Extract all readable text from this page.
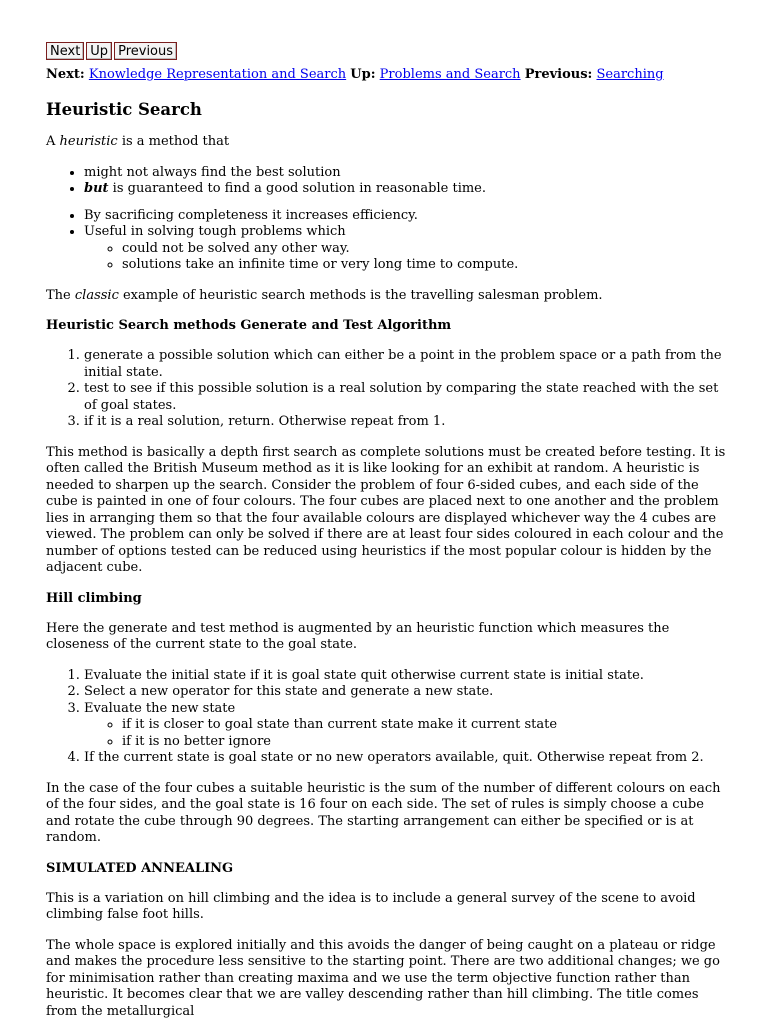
Next Up Previous
Next: Knowledge Representation and Search Up: Problems and Search Previous: Searching
Heuristic Search

A heuristic is a method that

• might not always find the best solution
• but is guaranteed to find a good solution in reasonable time.
• By sacrificing completeness it increases efficiency.
• Useful in solving tough problems which
◦ could not be solved any other way.
◦ solutions take an infinite time or very long time to compute.

The classic example of heuristic search methods is the travelling salesman problem.

Heuristic Search methods Generate and Test Algorithm
1. generate a possible solution which can either be a point in the problem space or a path from the initial state.
2. test to see if this possible solution is a real solution by comparing the state reached with the set of goal states.
3. if it is a real solution, return. Otherwise repeat from 1.

This method is basically a depth first search as complete solutions must be created before testing. It is often called the British Museum method as it is like looking for an exhibit at random. A heuristic is needed to sharpen up the search. Consider the problem of four 6-sided cubes, and each side of the cube is painted in one of four colours. The four cubes are placed next to one another and the problem lies in arranging them so that the four available colours are displayed whichever way the 4 cubes are viewed. The problem can only be solved if there are at least four sides coloured in each colour and the number of options tested can be reduced using heuristics if the most popular colour is hidden by the adjacent cube.

Hill climbing

Here the generate and test method is augmented by an heuristic function which measures the closeness of the current state to the goal state.

1. Evaluate the initial state if it is goal state quit otherwise current state is initial state.
2. Select a new operator for this state and generate a new state.
3. Evaluate the new state
◦ if it is closer to goal state than current state make it current state
◦ if it is no better ignore
4. If the current state is goal state or no new operators available, quit. Otherwise repeat from 2.

In the case of the four cubes a suitable heuristic is the sum of the number of different colours on each of the four sides, and the goal state is 16 four on each side. The set of rules is simply choose a cube and rotate the cube through 90 degrees. The starting arrangement can either be specified or is at random.

SIMULATED ANNEALING

This is a variation on hill climbing and the idea is to include a general survey of the scene to avoid climbing false foot hills.

The whole space is explored initially and this avoids the danger of being caught on a plateau or ridge and makes the procedure less sensitive to the starting point. There are two additional changes; we go for minimisation rather than creating maxima and we use the term objective function rather than heuristic. It becomes clear that we are valley descending rather than hill climbing. The title comes from the metallurgical
